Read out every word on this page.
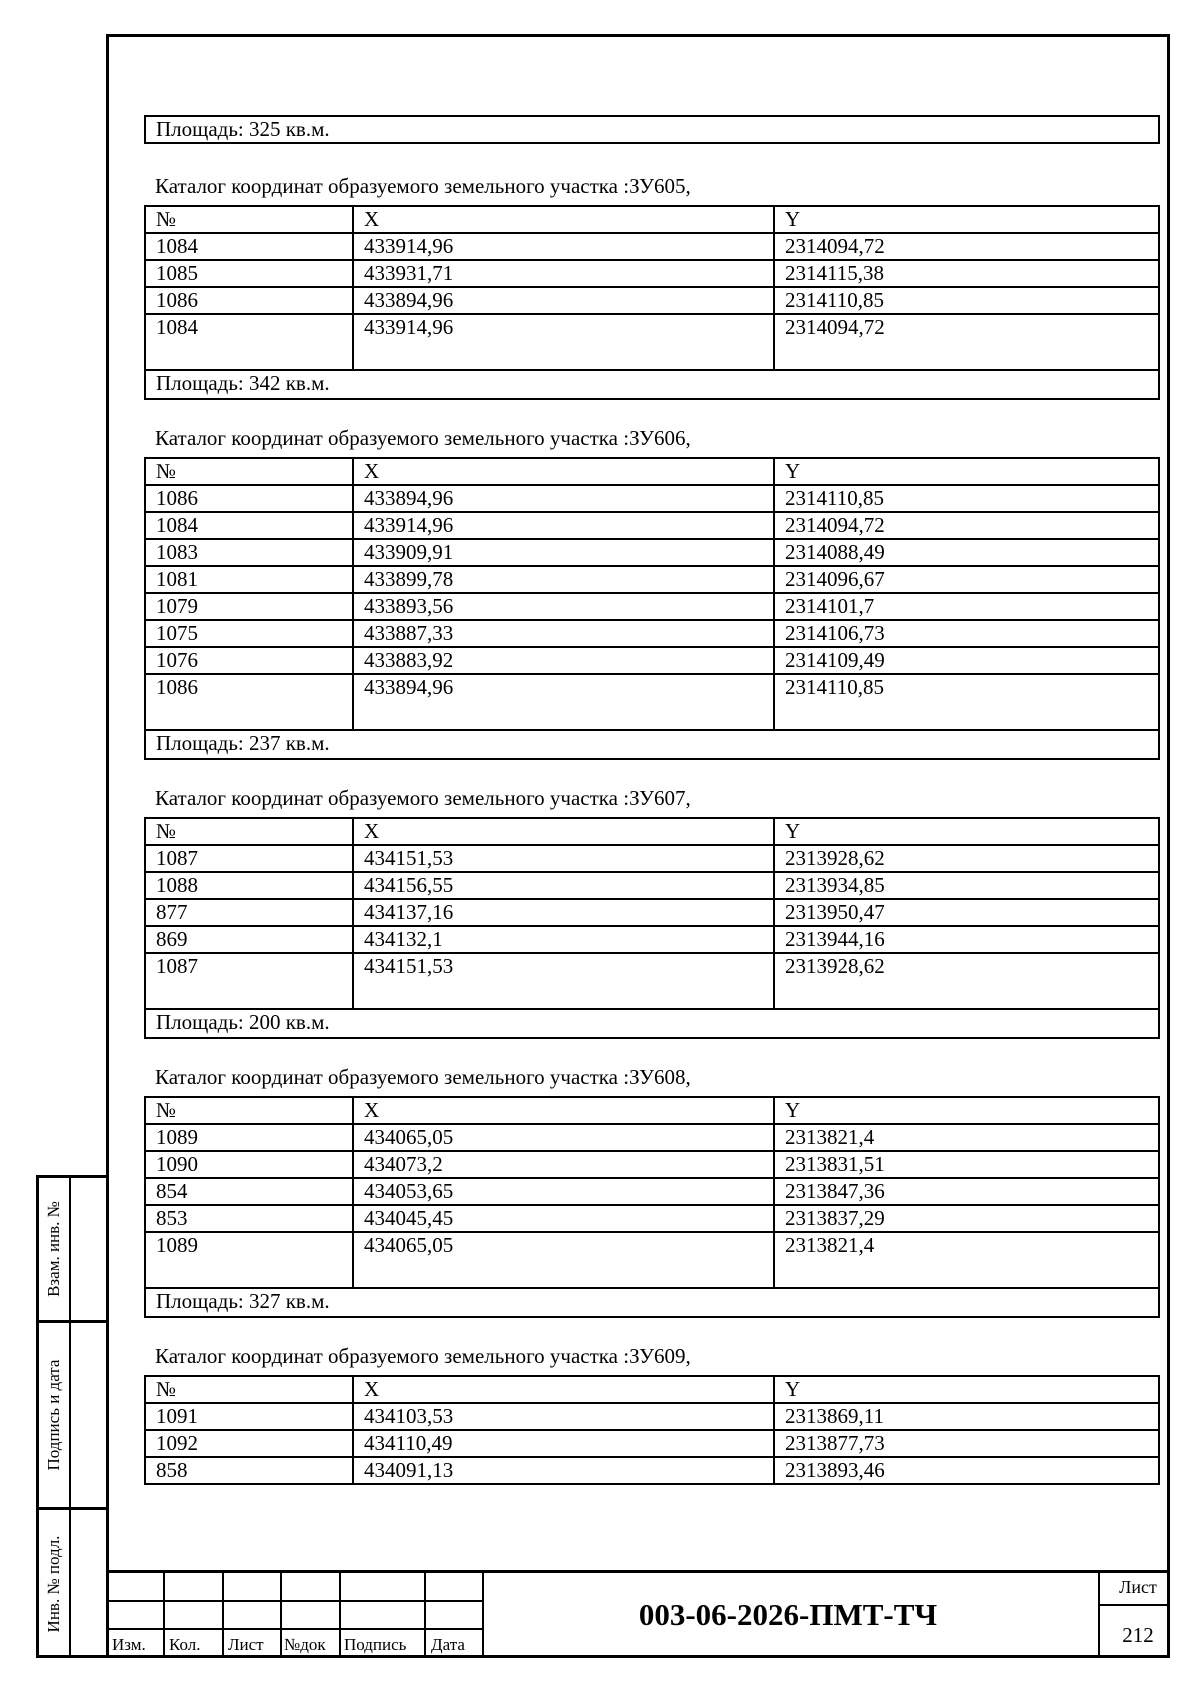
Площадь: 325 кв.м.
Каталог координат образуемого земельного участка :ЗУ605,
№	X	Y
1084	433914,96	2314094,72
1085	433931,71	2314115,38
1086	433894,96	2314110,85
1084	433914,96	2314094,72
Площадь: 342 кв.м.		
Каталог координат образуемого земельного участка :ЗУ606,
№	X	Y
1086	433894,96	2314110,85
1084	433914,96	2314094,72
1083	433909,91	2314088,49
1081	433899,78	2314096,67
1079	433893,56	2314101,7
1075	433887,33	2314106,73
1076	433883,92	2314109,49
1086	433894,96	2314110,85
Площадь: 237 кв.м.		
Каталог координат образуемого земельного участка :ЗУ607,
№	X	Y
1087	434151,53	2313928,62
1088	434156,55	2313934,85
877	434137,16	2313950,47
869	434132,1	2313944,16
1087	434151,53	2313928,62
Площадь: 200 кв.м.		
Каталог координат образуемого земельного участка :ЗУ608,
№	X	Y
1089	434065,05	2313821,4
1090	434073,2	2313831,51
854	434053,65	2313847,36
853	434045,45	2313837,29
1089	434065,05	2313821,4
Площадь: 327 кв.м.		
Каталог координат образуемого земельного участка :ЗУ609,
№	X	Y
1091	434103,53	2313869,11
1092	434110,49	2313877,73
858	434091,13	2313893,46
Взам. инв. №
Подпись и дата
Инв. № подл.
Изм. Кол. Лист №док Подпись Дата
003-06-2026-ПМТ-ТЧ
Лист
212
